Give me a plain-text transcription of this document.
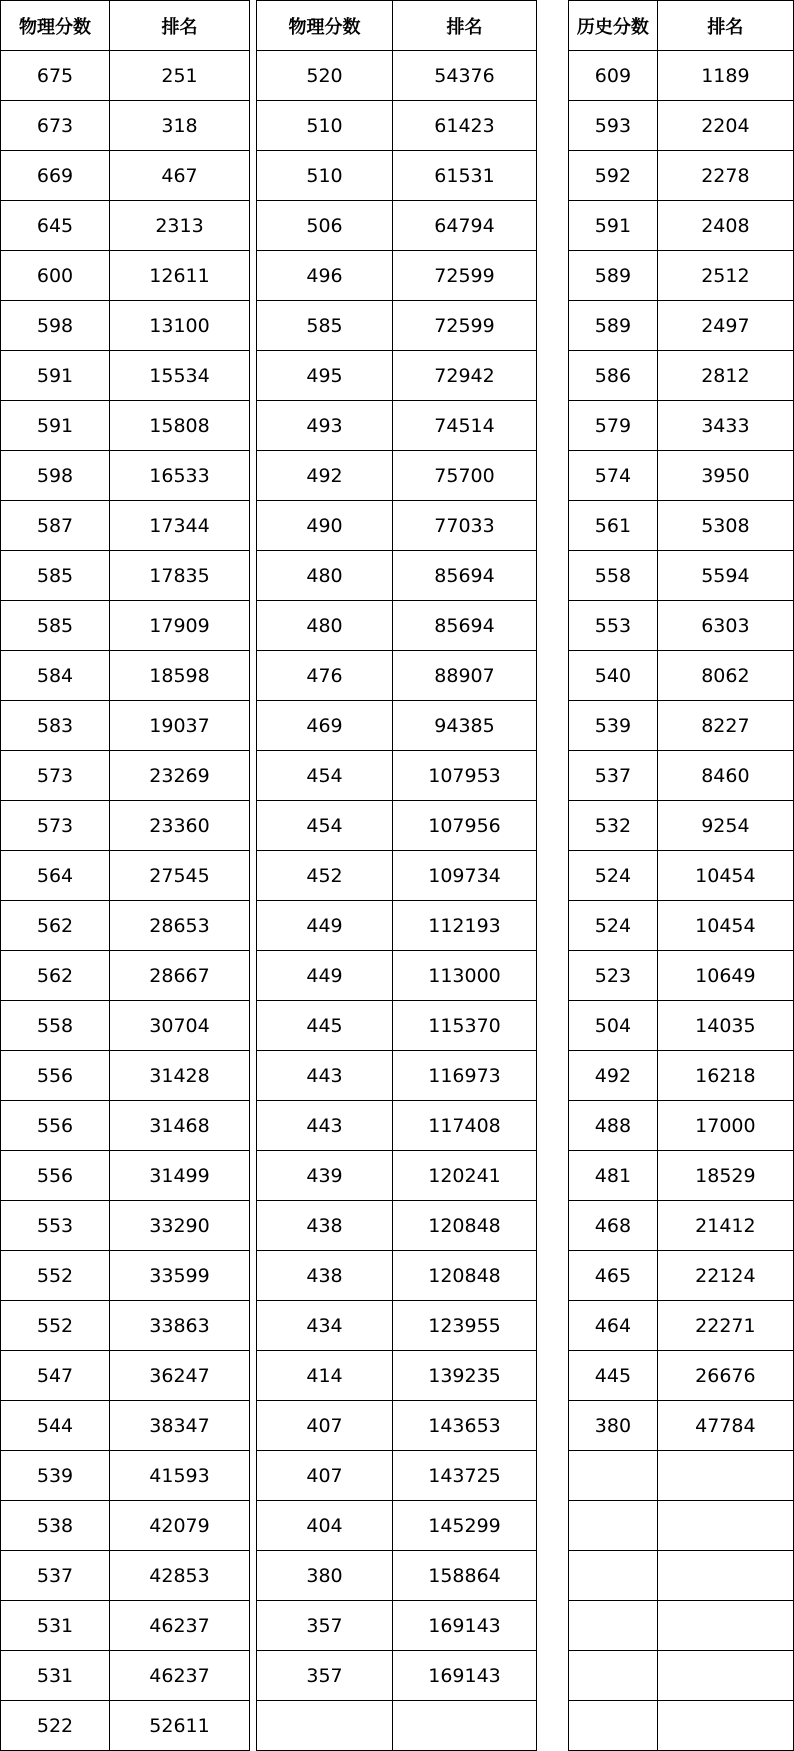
物理分数	排名
675	251
673	318
669	467
645	2313
600	12611
598	13100
591	15534
591	15808
598	16533
587	17344
585	17835
585	17909
584	18598
583	19037
573	23269
573	23360
564	27545
562	28653
562	28667
558	30704
556	31428
556	31468
556	31499
553	33290
552	33599
552	33863
547	36247
544	38347
539	41593
538	42079
537	42853
531	46237
531	46237
522	52611
物理分数	排名
520	54376
510	61423
510	61531
506	64794
496	72599
585	72599
495	72942
493	74514
492	75700
490	77033
480	85694
480	85694
476	88907
469	94385
454	107953
454	107956
452	109734
449	112193
449	113000
445	115370
443	116973
443	117408
439	120241
438	120848
438	120848
434	123955
414	139235
407	143653
407	143725
404	145299
380	158864
357	169143
357	169143

历史分数	排名
609	1189
593	2204
592	2278
591	2408
589	2512
589	2497
586	2812
579	3433
574	3950
561	5308
558	5594
553	6303
540	8062
539	8227
537	8460
532	9254
524	10454
524	10454
523	10649
504	14035
492	16218
488	17000
481	18529
468	21412
465	22124
464	22271
445	26676
380	47784
